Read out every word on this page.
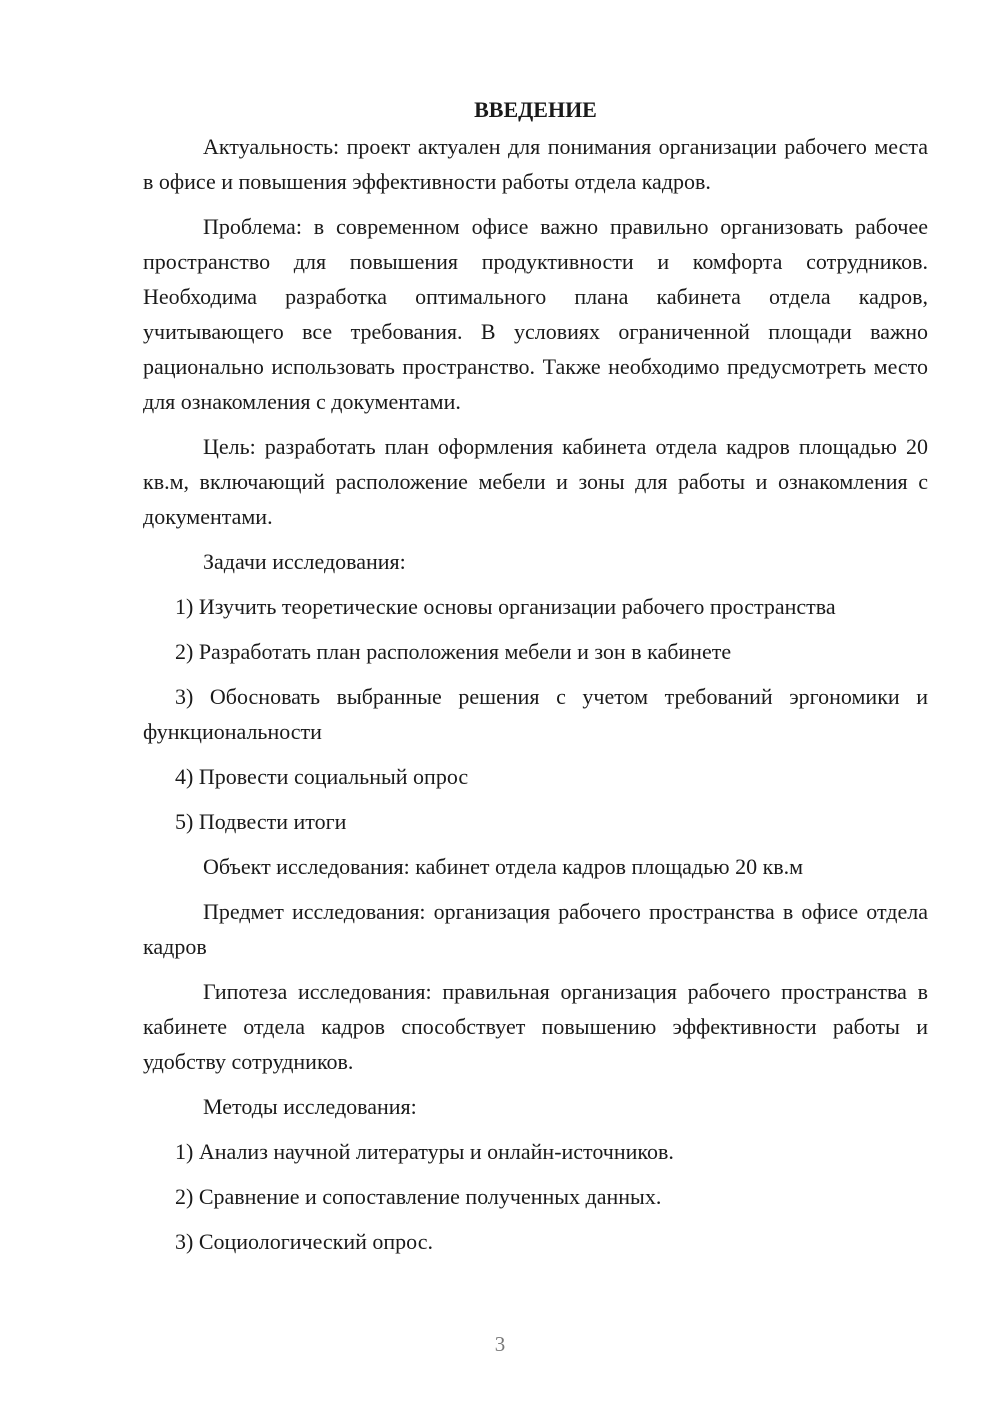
ВВЕДЕНИЕ
Актуальность: проект актуален для понимания организации рабочего места в офисе и повышения эффективности работы отдела кадров.
Проблема: в современном офисе важно правильно организовать рабочее пространство для повышения продуктивности и комфорта сотрудников. Необходима разработка оптимального плана кабинета отдела кадров, учитывающего все требования. В условиях ограниченной площади важно рационально использовать пространство. Также необходимо предусмотреть место для ознакомления с документами.
Цель: разработать план оформления кабинета отдела кадров площадью 20 кв.м, включающий расположение мебели и зоны для работы и ознакомления с документами.
Задачи исследования:
1) Изучить теоретические основы организации рабочего пространства
2) Разработать план расположения мебели и зон в кабинете
3) Обосновать выбранные решения с учетом требований эргономики и функциональности
4) Провести социальный опрос
5) Подвести итоги
Объект исследования: кабинет отдела кадров площадью 20 кв.м
Предмет исследования: организация рабочего пространства в офисе отдела кадров
Гипотеза исследования: правильная организация рабочего пространства в кабинете отдела кадров способствует повышению эффективности работы и удобству сотрудников.
Методы исследования:
1) Анализ научной литературы и онлайн-источников.
2) Сравнение и сопоставление полученных данных.
3) Социологический опрос.
3
